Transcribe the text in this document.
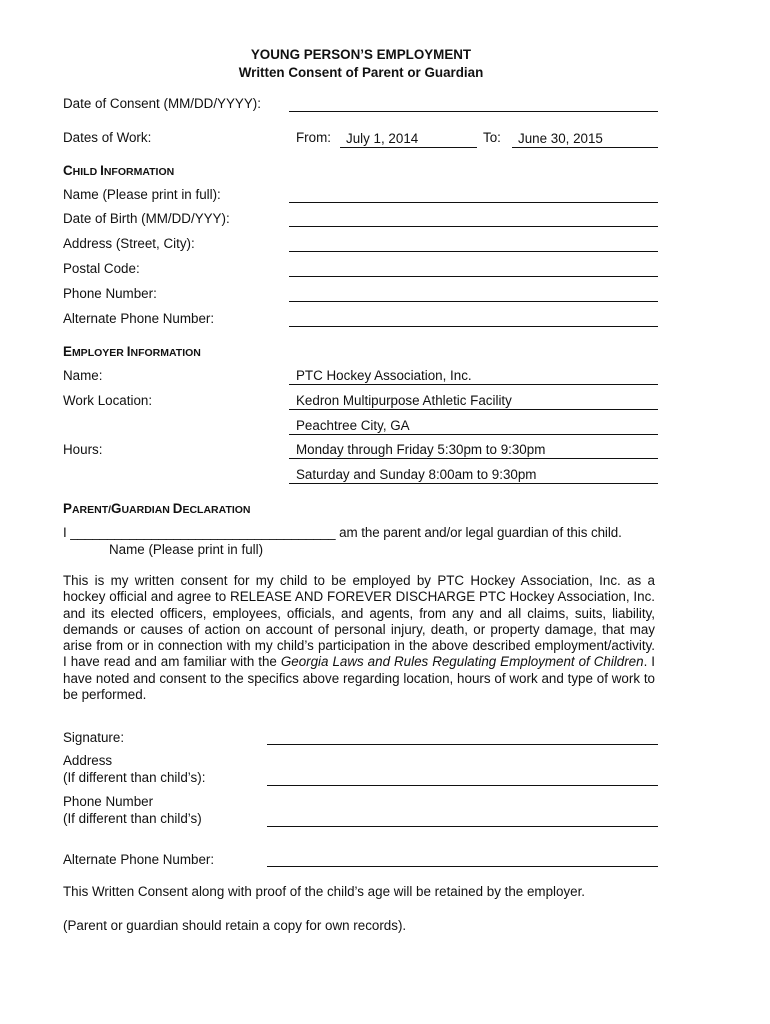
YOUNG PERSON’S EMPLOYMENT
Written Consent of Parent or Guardian
Date of Consent (MM/DD/YYYY):
Dates of Work:	From: July 1, 2014	To: June 30, 2015
CHILD INFORMATION
Name (Please print in full):
Date of Birth (MM/DD/YYY):
Address (Street, City):
Postal Code:
Phone Number:
Alternate Phone Number:
EMPLOYER INFORMATION
Name:	PTC Hockey Association, Inc.
Work Location:	Kedron Multipurpose Athletic Facility
Peachtree City, GA
Hours:	Monday through Friday 5:30pm to 9:30pm
Saturday and Sunday 8:00am to 9:30pm
PARENT/GUARDIAN DECLARATION
I ____________________________________ am the parent and/or legal guardian of this child.
Name (Please print in full)
This is my written consent for my child to be employed by PTC Hockey Association, Inc. as a hockey official and agree to RELEASE AND FOREVER DISCHARGE PTC Hockey Association, Inc. and its elected officers, employees, officials, and agents, from any and all claims, suits, liability, demands or causes of action on account of personal injury, death, or property damage, that may arise from or in connection with my child’s participation in the above described employment/activity. I have read and am familiar with the Georgia Laws and Rules Regulating Employment of Children. I have noted and consent to the specifics above regarding location, hours of work and type of work to be performed.
Signature:
Address
(If different than child’s):
Phone Number
(If different than child’s)
Alternate Phone Number:
This Written Consent along with proof of the child’s age will be retained by the employer.
(Parent or guardian should retain a copy for own records).
